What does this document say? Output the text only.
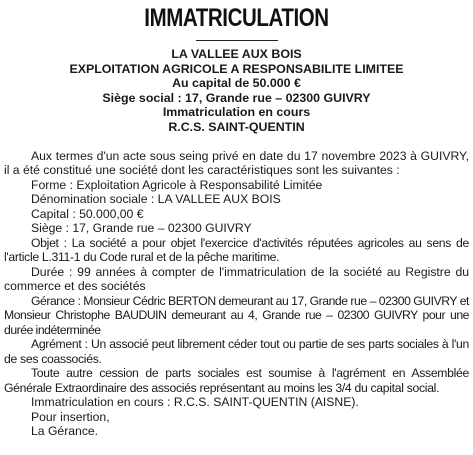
IMMATRICULATION
LA VALLEE AUX BOIS
EXPLOITATION AGRICOLE A RESPONSABILITE LIMITEE
Au capital de 50.000 €
Siège social : 17, Grande rue – 02300 GUIVRY
Immatriculation en cours
R.C.S. SAINT-QUENTIN

Aux termes d'un acte sous seing privé en date du 17 novembre 2023 à GUIVRY, il a été constitué une société dont les caractéristiques sont les suivantes :

Forme : Exploitation Agricole à Responsabilité Limitée

Dénomination sociale : LA VALLEE AUX BOIS

Capital : 50.000,00 €

Siège : 17, Grande rue – 02300 GUIVRY

Objet : La société a pour objet l'exercice d'activités réputées agricoles au sens de l'article L.311-1 du Code rural et de la pêche maritime.

Durée : 99 années à compter de l'immatriculation de la société au Registre du commerce et des sociétés

Gérance : Monsieur Cédric BERTON demeurant au 17, Grande rue – 02300 GUIVRY et Monsieur Christophe BAUDUIN demeurant au 4, Grande rue – 02300 GUIVRY pour une durée indéterminée

Agrément : Un associé peut librement céder tout ou partie de ses parts sociales à l'un de ses coassociés.

Toute autre cession de parts sociales est soumise à l'agrément en Assemblée Générale Extraordinaire des associés représentant au moins les 3/4 du capital social.

Immatriculation en cours : R.C.S. SAINT-QUENTIN (AISNE).

Pour insertion,

La Gérance.
